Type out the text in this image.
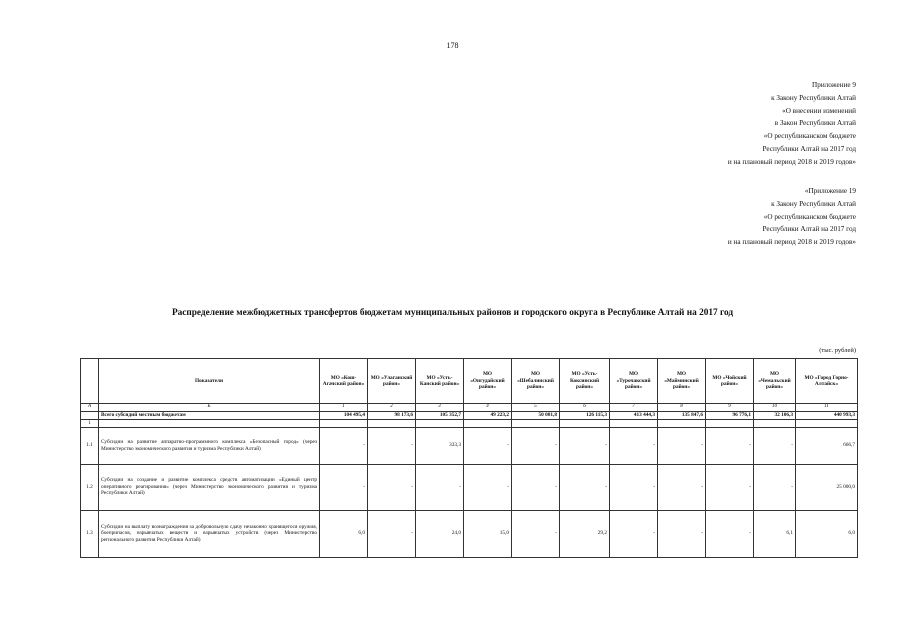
178
Приложение 9
к Закону Республики Алтай
«О внесении изменений
в Закон Республики Алтай
«О республиканском бюджете
Республики Алтай на 2017 год
и на плановый период 2018 и 2019 годов»
«Приложение 19
к Закону Республики Алтай
«О республиканском бюджете
Республики Алтай на 2017 год
и на плановый период 2018 и 2019 годов»
Распределение межбюджетных трансфертов бюджетам муниципальных районов и городского округа в Республике Алтай на 2017 год
(тыс. рублей)
	Показатели	МО «Кош-Агачский район»	МО «Улаганский район»	МО «Усть-Канский район»	МО «Онгудайский район»	МО «Шебалинский район»	МО «Усть-Коксинский район»	МО «Турочакский район»	МО «Майминский район»	МО «Чойский район»	МО «Чемальский район»	МО «Город Горно-Алтайск»
А	Б	1	2	3	4	5	6	7	8	9	10	11
	Всего субсидий местным бюджетам	104 495,4	98 173,6	105 352,7	49 223,2	50 001,8	126 115,3	413 444,3	135 847,6	96 776,1	32 106,3	440 993,3
1												
1.1	Субсидии на развитие аппаратно-программного комплекса «Безопасный город» (через Министерство экономического развития и туризма Республики Алтай)	-	-	333,3	-	-	-	-	-	-	-	666,7
1.2	Субсидии на создание и развитие комплекса средств автоматизации «Единый центр оперативного реагирования» (через Министерство экономического развития и туризма Республики Алтай)	-	-	-	-	-	-	-	-	-	-	25 000,0
1.3	Субсидии на выплату вознаграждения за добровольную сдачу незаконно хранящегося оружия, боеприпасов, взрывчатых веществ и взрывчатых устройств (через Министерство регионального развития Республики Алтай)	6,0	-	24,0	15,0	-	29,2	-	-	-	6,1	6,0
